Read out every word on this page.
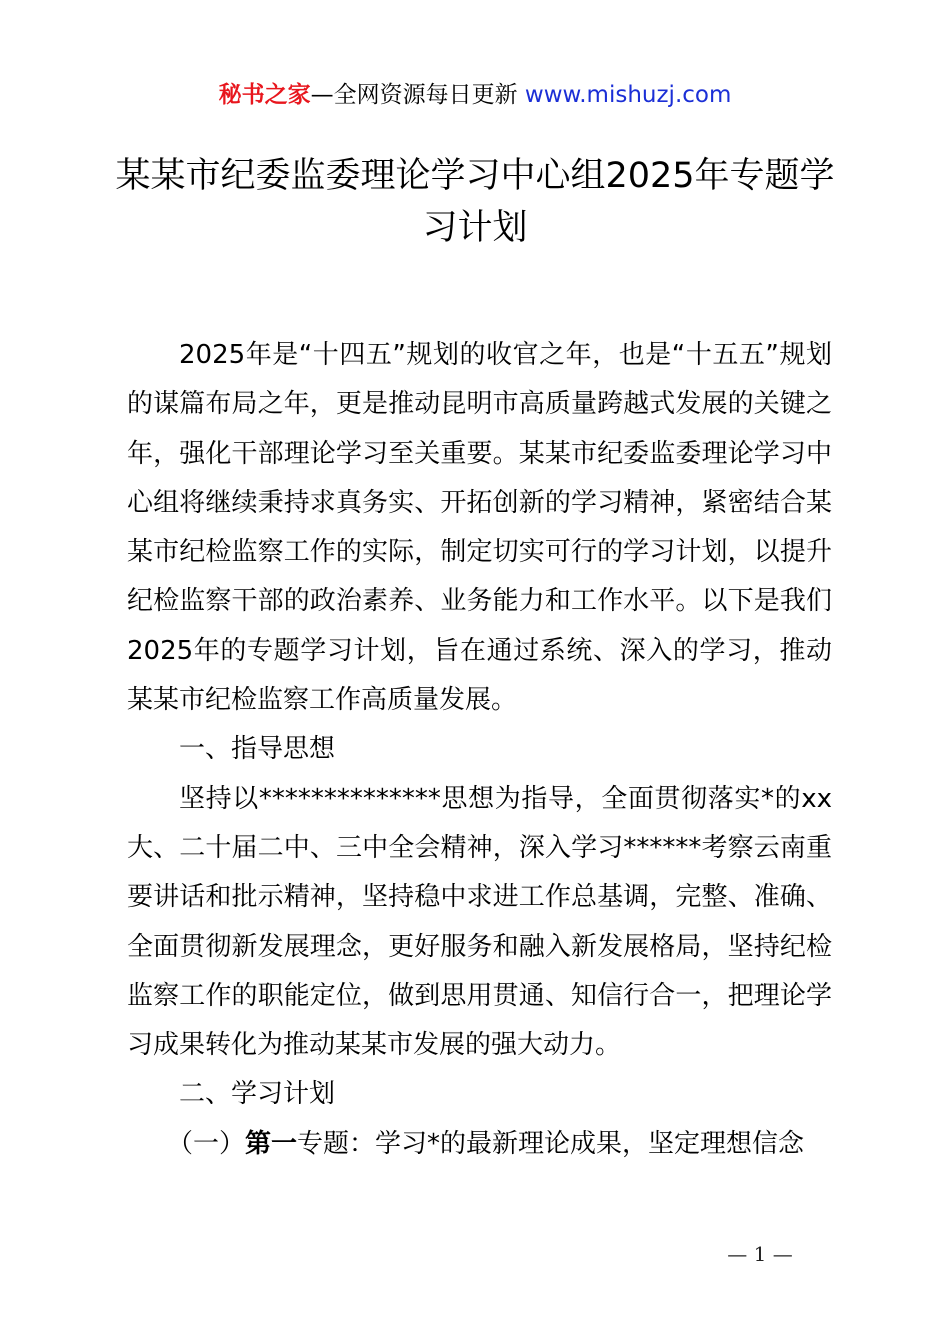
秘书之家—全网资源每日更新 www.mishuzj.com
某某市纪委监委理论学习中心组2025年专题学习计划

2025年是“十四五”规划的收官之年，也是“十五五”规划的谋篇布局之年，更是推动昆明市高质量跨越式发展的关键之年，强化干部理论学习至关重要。某某市纪委监委理论学习中心组将继续秉持求真务实、开拓创新的学习精神，紧密结合某某市纪检监察工作的实际，制定切实可行的学习计划，以提升纪检监察干部的政治素养、业务能力和工作水平。以下是我们2025年的专题学习计划，旨在通过系统、深入的学习，推动某某市纪检监察工作高质量发展。

一、指导思想

坚持以**************思想为指导，全面贯彻落实*的xx大、二十届二中、三中全会精神，深入学习******考察云南重要讲话和批示精神，坚持稳中求进工作总基调，完整、准确、全面贯彻新发展理念，更好服务和融入新发展格局，坚持纪检监察工作的职能定位，做到思用贯通、知信行合一，把理论学习成果转化为推动某某市发展的强大动力。

二、学习计划

（一）第一专题：学习*的最新理论成果，坚定理想信念

— 1 —
